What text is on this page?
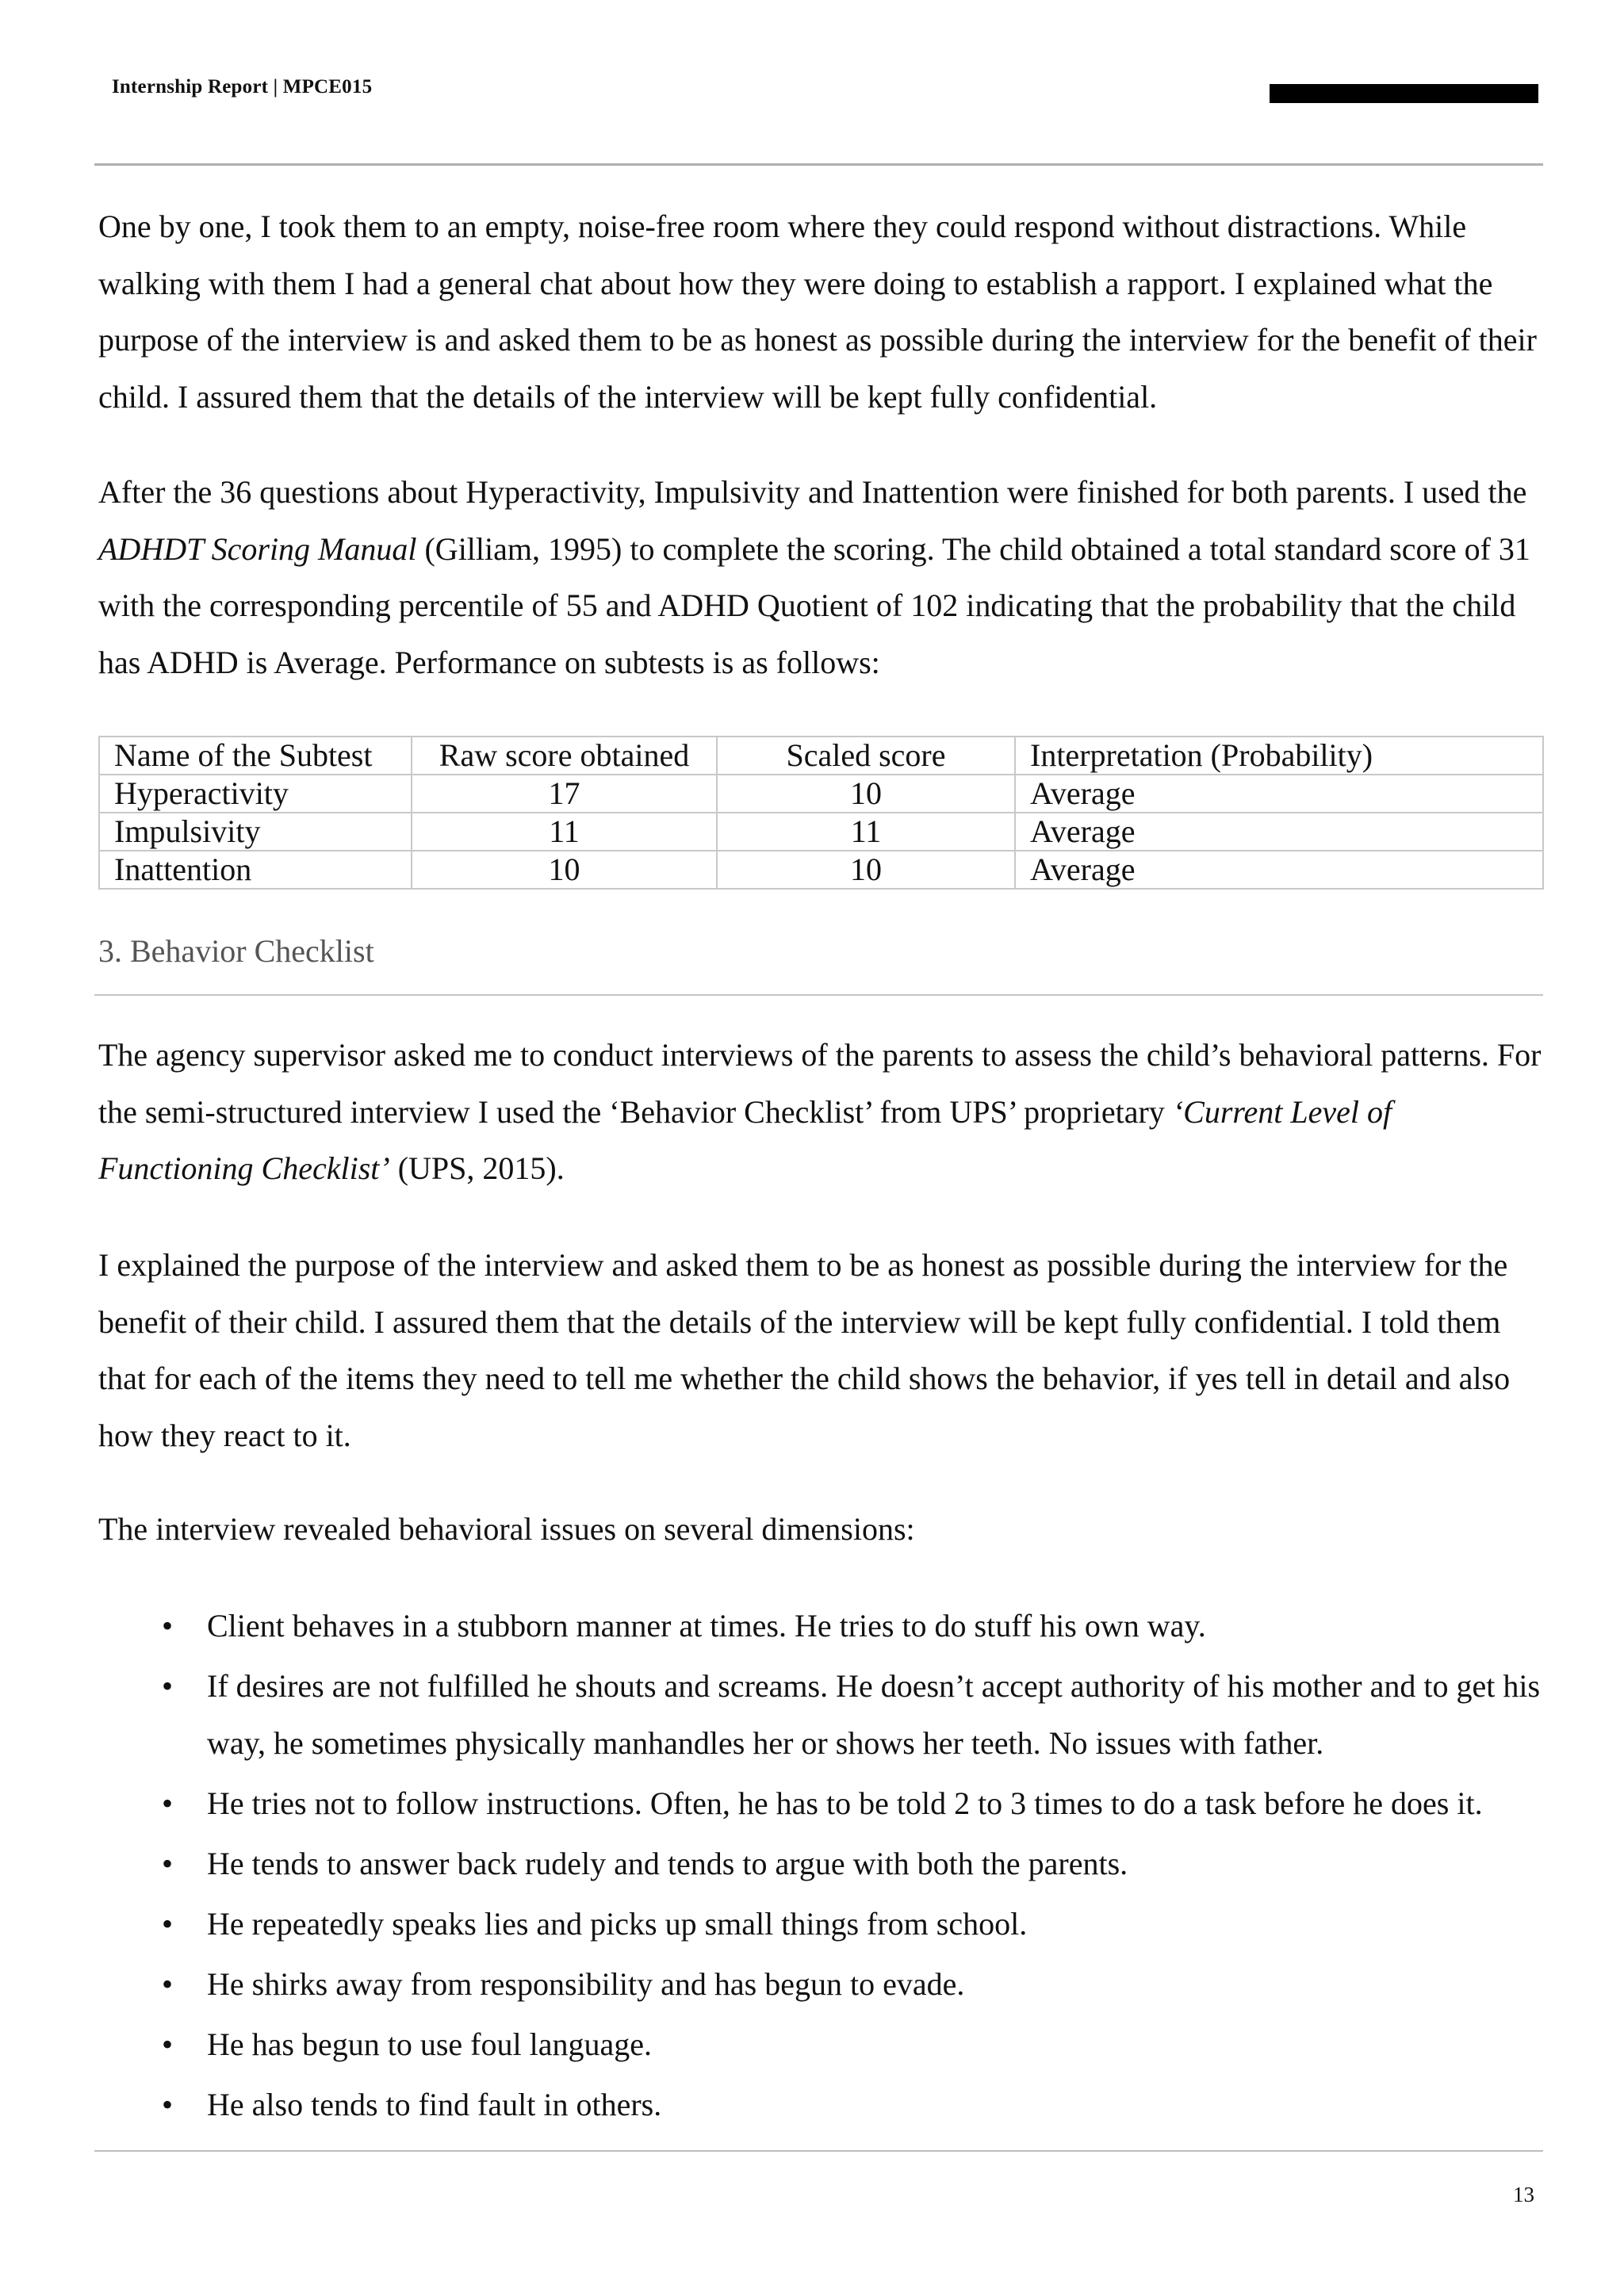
Internship Report | MPCE015

One by one, I took them to an empty, noise-free room where they could respond without distractions. While walking with them I had a general chat about how they were doing to establish a rapport. I explained what the purpose of the interview is and asked them to be as honest as possible during the interview for the benefit of their child. I assured them that the details of the interview will be kept fully confidential.

After the 36 questions about Hyperactivity, Impulsivity and Inattention were finished for both parents. I used the ADHDT Scoring Manual (Gilliam, 1995) to complete the scoring. The child obtained a total standard score of 31 with the corresponding percentile of 55 and ADHD Quotient of 102 indicating that the probability that the child has ADHD is Average. Performance on subtests is as follows:

Name of the Subtest	Raw score obtained	Scaled score	Interpretation (Probability)
Hyperactivity	17	10	Average
Impulsivity	11	11	Average
Inattention	10	10	Average
3. Behavior Checklist

The agency supervisor asked me to conduct interviews of the parents to assess the child’s behavioral patterns. For the semi-structured interview I used the ‘Behavior Checklist’ from UPS’ proprietary ‘Current Level of Functioning Checklist’ (UPS, 2015).

I explained the purpose of the interview and asked them to be as honest as possible during the interview for the benefit of their child. I assured them that the details of the interview will be kept fully confidential. I told them that for each of the items they need to tell me whether the child shows the behavior, if yes tell in detail and also how they react to it.

The interview revealed behavioral issues on several dimensions:

• Client behaves in a stubborn manner at times. He tries to do stuff his own way.
• If desires are not fulfilled he shouts and screams. He doesn’t accept authority of his mother and to get his way, he sometimes physically manhandles her or shows her teeth. No issues with father.
• He tries not to follow instructions. Often, he has to be told 2 to 3 times to do a task before he does it.
• He tends to answer back rudely and tends to argue with both the parents.
• He repeatedly speaks lies and picks up small things from school.
• He shirks away from responsibility and has begun to evade.
• He has begun to use foul language.
• He also tends to find fault in others.
13
